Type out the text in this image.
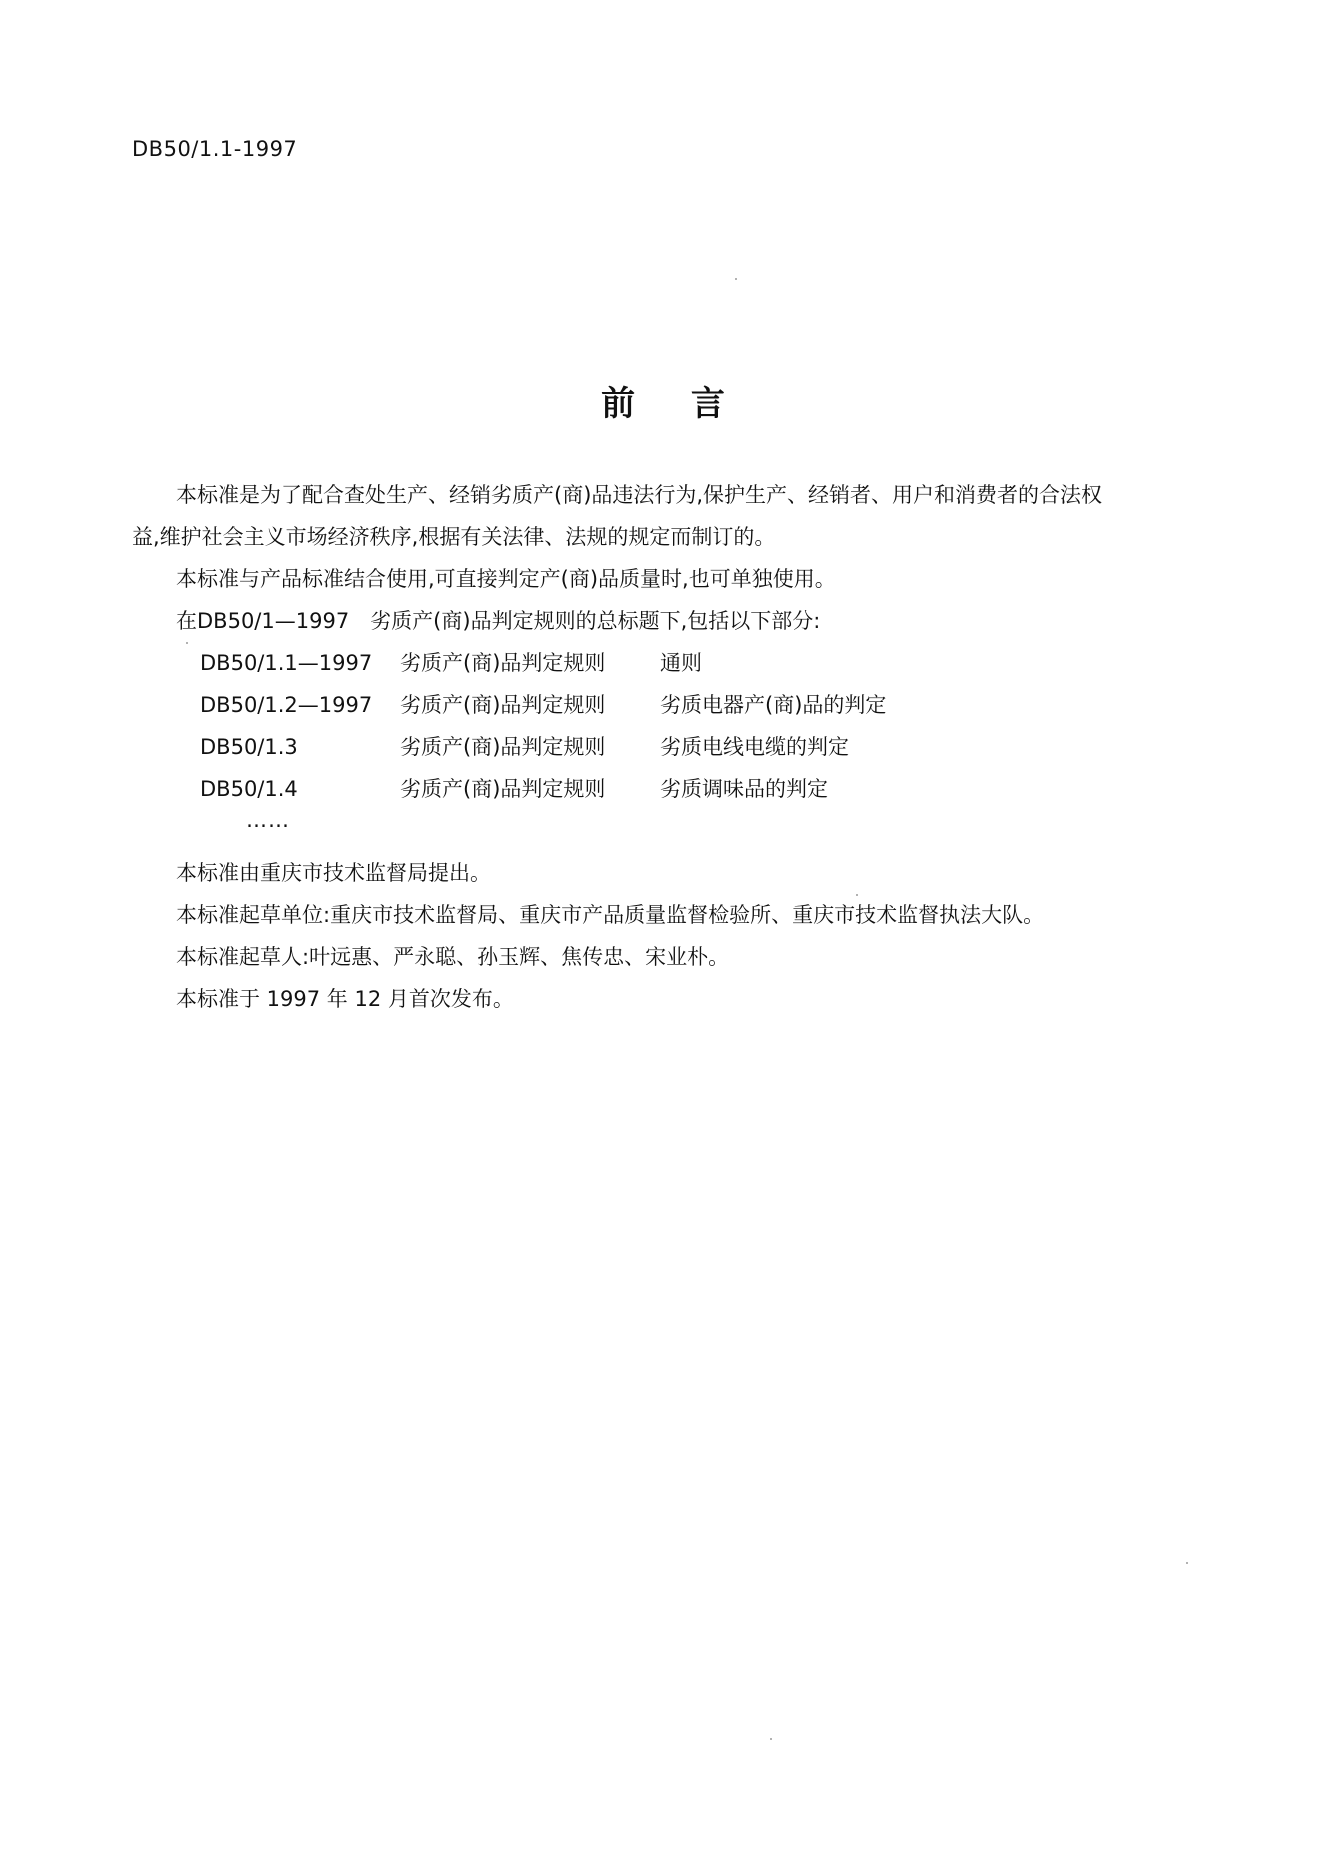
DB50/1.1-1997
前 言
本标准是为了配合查处生产、经销劣质产(商)品违法行为,保护生产、经销者、用户和消费者的合法权
益,维护社会主义市场经济秩序,根据有关法律、法规的规定而制订的。
本标准与产品标准结合使用,可直接判定产(商)品质量时,也可单独使用。
在DB50/1—1997　劣质产(商)品判定规则的总标题下,包括以下部分:
DB50/1.1—1997 劣质产(商)品判定规则	通则
DB50/1.2—1997 劣质产(商)品判定规则	劣质电器产(商)品的判定
DB50/1.3	劣质产(商)品判定规则	劣质电线电缆的判定
DB50/1.4	劣质产(商)品判定规则	劣质调味品的判定
……
本标准由重庆市技术监督局提出。
本标准起草单位:重庆市技术监督局、重庆市产品质量监督检验所、重庆市技术监督执法大队。
本标准起草人:叶远惠、严永聪、孙玉辉、焦传忠、宋业朴。
本标准于 1997 年 12 月首次发布。
